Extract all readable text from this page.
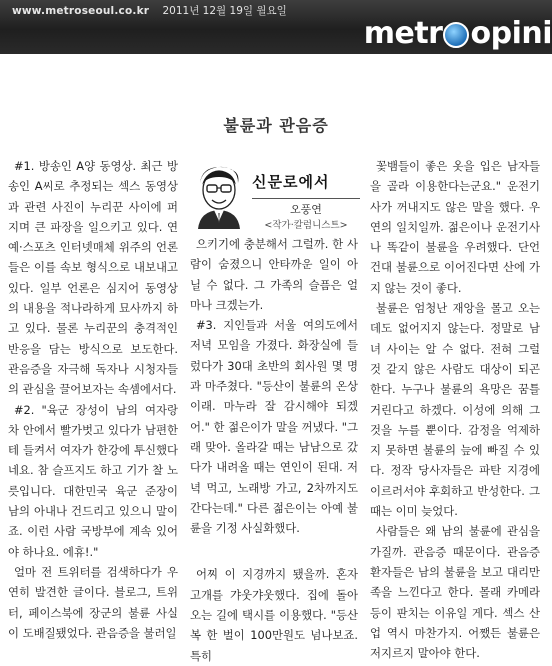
www.metroseoul.co.kr 2011년 12월 19일 월요일
metr opini
불륜과 관음증
신문로에서
오풍연
<작가·칼럼니스트>

#1. 방송인 A양 동영상. 최근 방송인 A씨로 추정되는 섹스 동영상과 관련 사진이 누리꾼 사이에 퍼지며 큰 파장을 일으키고 있다. 연예·스포츠 인터넷매체 위주의 언론들은 이를 속보 형식으로 내보내고 있다. 일부 언론은 심지어 동영상의 내용을 적나라하게 묘사까지 하고 있다. 물론 누리꾼의 충격적인 반응을 담는 방식으로 보도한다. 관음증을 자극해 독자나 시청자들의 관심을 끌어보자는 속셈에서다.

#2. "육군 장성이 남의 여자랑 차 안에서 빨가벗고 있다가 남편한테 들켜서 여자가 한강에 투신했다네요. 참 슬프지도 하고 기가 찰 노릇입니다. 대한민국 육군 준장이 남의 아내나 건드리고 있으니 말이죠. 이런 사람 국방부에 계속 있어야 하나요. 에휴!."

얼마 전 트위터를 검색하다가 우연히 발견한 글이다. 블로그, 트위터, 페이스북에 장군의 불륜 사실이 도배질됐었다. 관음증을 불러일

으키기에 충분해서 그럴까. 한 사람이 숨졌으니 안타까운 일이 아닐 수 없다. 그 가족의 슬픔은 얼마나 크겠는가.

#3. 지인들과 서울 여의도에서 저녁 모임을 가졌다. 화장실에 들렀다가 30대 초반의 회사원 몇 명과 마주쳤다. "등산이 불륜의 온상이래. 마누라 잘 감시해야 되겠어." 한 젊은이가 말을 꺼냈다. "그래 맞아. 올라갈 때는 남남으로 갔다가 내려올 때는 연인이 된대. 저녁 먹고, 노래방 가고, 2차까지도 간다는데." 다른 젊은이는 아예 불륜을 기정 사실화했다.

어찌 이 지경까지 됐을까. 혼자 고개를 갸웃갸웃했다. 집에 돌아오는 길에 택시를 이용했다. "등산복 한 벌이 100만원도 넘나보죠. 특히

꽃뱀들이 좋은 옷을 입은 남자들을 골라 이용한다는군요." 운전기사가 꺼내지도 않은 말을 했다. 우연의 일치일까. 젊은이나 운전기사나 똑같이 불륜을 우려했다. 단언건대 불륜으로 이어진다면 산에 가지 않는 것이 좋다.

불륜은 엄청난 재앙을 몰고 오는데도 없어지지 않는다. 정말로 남녀 사이는 알 수 없다. 전혀 그럴 것 같지 않은 사람도 대상이 되곤 한다. 누구나 불륜의 욕망은 꿈틀거린다고 하겠다. 이성에 의해 그것을 누를 뿐이다. 감정을 억제하지 못하면 불륜의 늪에 빠질 수 있다. 정작 당사자들은 파탄 지경에 이르러서야 후회하고 반성한다. 그때는 이미 늦었다.

사람들은 왜 남의 불륜에 관심을 가질까. 관음증 때문이다. 관음증 환자들은 남의 불륜을 보고 대리만족을 느낀다고 한다. 몰래 카메라 등이 판치는 이유일 게다. 섹스 산업 역시 마찬가지. 어쨌든 불륜은 저지르지 말아야 한다.
